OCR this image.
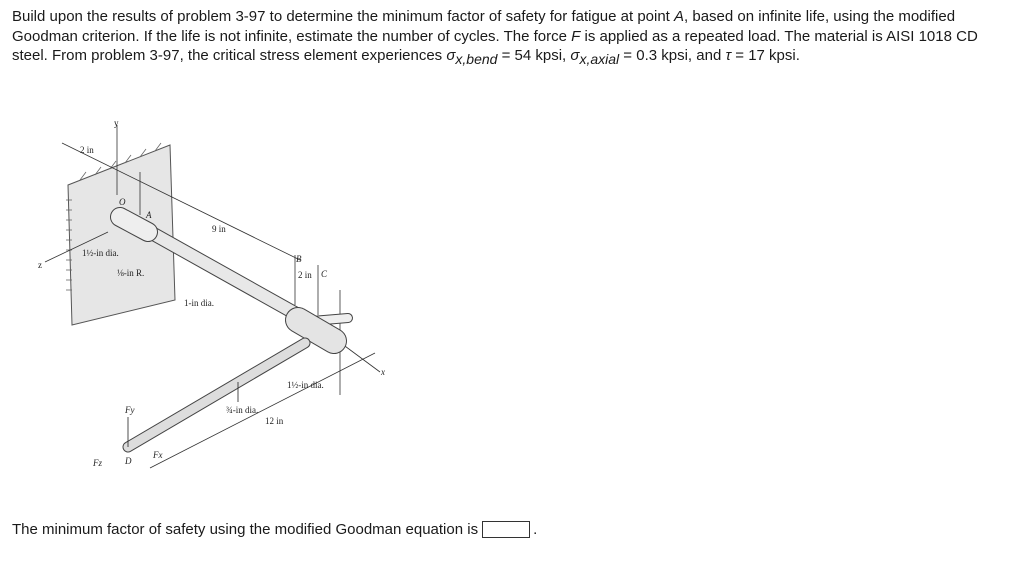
Build upon the results of problem 3-97 to determine the minimum factor of safety for fatigue at point A, based on infinite life, using the modified Goodman criterion. If the life is not infinite, estimate the number of cycles. The force F is applied as a repeated load. The material is AISI 1018 CD steel. From problem 3-97, the critical stress element experiences σx,bend = 54 kpsi, σx,axial = 0.3 kpsi, and τ = 17 kpsi.
y
z
x
O
A
B
C
D
2 in
9 in
2 in
12 in
1½-in dia.
⅛-in R.
1-in dia.
1½-in dia.
¾-in dia.
Fy
Fz
Fx
The minimum factor of safety using the modified Goodman equation is	.
